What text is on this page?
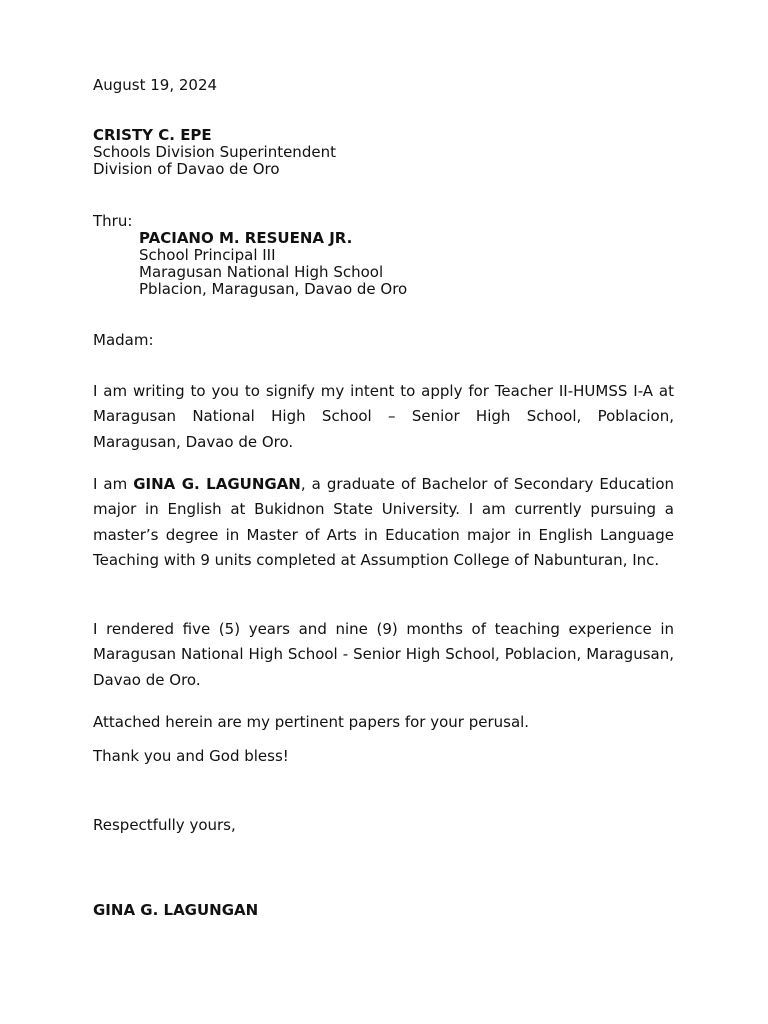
August 19, 2024
CRISTY C. EPE
Schools Division Superintendent
Division of Davao de Oro
Thru:
PACIANO M. RESUENA JR.
School Principal III
Maragusan National High School
Pblacion, Maragusan, Davao de Oro
Madam:
I am writing to you to signify my intent to apply for Teacher II-HUMSS I-A at Maragusan National High School – Senior High School, Poblacion, Maragusan, Davao de Oro.
I am GINA G. LAGUNGAN, a graduate of Bachelor of Secondary Education major in English at Bukidnon State University. I am currently pursuing a master’s degree in Master of Arts in Education major in English Language Teaching with 9 units completed at Assumption College of Nabunturan, Inc.
I rendered five (5) years and nine (9) months of teaching experience in Maragusan National High School - Senior High School, Poblacion, Maragusan, Davao de Oro.
Attached herein are my pertinent papers for your perusal.
Thank you and God bless!
Respectfully yours,
GINA G. LAGUNGAN
